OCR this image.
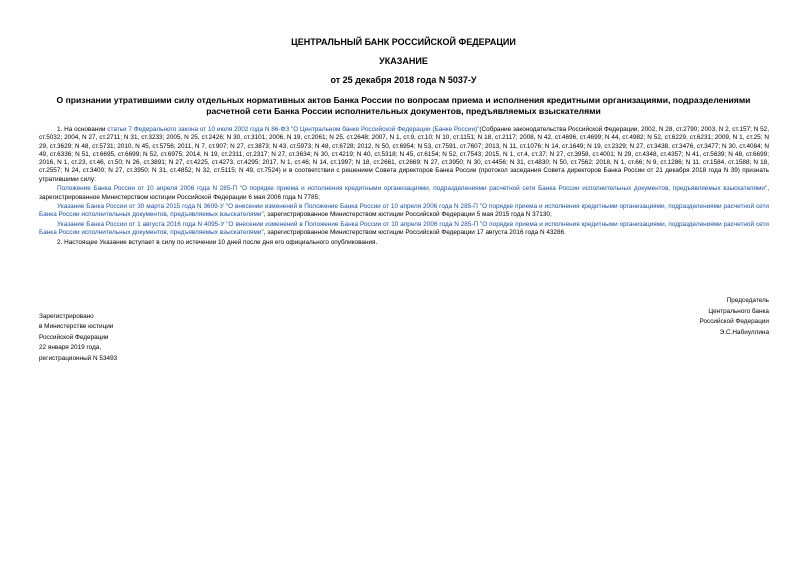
ЦЕНТРАЛЬНЫЙ БАНК РОССИЙСКОЙ ФЕДЕРАЦИИ

УКАЗАНИЕ

от 25 декабря 2018 года N 5037-У

О признании утратившими силу отдельных нормативных актов Банка России по вопросам приема и исполнения кредитными организациями, подразделениями расчетной сети Банка России исполнительных документов, предъявляемых взыскателями

1. На основании статьи 7 Федерального закона от 10 июля 2002 года N 86-ФЗ "О Центральном банке Российской Федерации (Банке России)"(Собрание законодательства Российской Федерации, 2002, N 28, ст.2790; 2003, N 2, ст.157; N 52, ст.5032; 2004, N 27, ст.2711; N 31, ст.3233; 2005, N 25, ст.2426; N 30, ст.3101; 2006, N 19, ст.2061; N 25, ст.2648; 2007, N 1, ст.9, ст.10; N 10, ст.1151; N 18, ст.2117; 2008, N 42, ст.4696, ст.4699; N 44, ст.4982; N 52, ст.6229, ст.6231; 2009, N 1, ст.25; N 29, ст.3629; N 48, ст.5731; 2010, N 45, ст.5756; 2011, N 7, ст.907; N 27, ст.3873; N 43, ст.5973; N 48, ст.6728; 2012, N 50, ст.6954; N 53, ст.7591, ст.7607; 2013, N 11, ст.1076; N 14, ст.1649; N 19, ст.2329; N 27, ст.3438, ст.3476, ст.3477; N 30, ст.4084; N 49, ст.6336; N 51, ст.6695, ст.6699; N 52, ст.6975; 2014, N 19, ст.2311, ст.2317; N 27, ст.3634; N 30, ст.4219; N 40, ст.5318; N 45, ст.6154; N 52, ст.7543; 2015, N 1, ст.4, ст.37; N 27, ст.3958, ст.4001; N 29, ст.4348, ст.4357; N 41, ст.5639; N 48, ст.6699; 2016, N 1, ст.23, ст.46, ст.50; N 26, ст.3891; N 27, ст.4225, ст.4273, ст.4295; 2017, N 1, ст.46; N 14, ст.1997; N 18, ст.2661, ст.2669; N 27, ст.3950; N 30, ст.4456; N 31, ст.4830; N 50, ст.7562; 2018, N 1, ст.66; N 9, ст.1286; N 11, ст.1584, ст.1588; N 18, ст.2557; N 24, ст.3400; N 27, ст.3950; N 31, ст.4852; N 32, ст.5115; N 49, ст.7524) и в соответствии с решением Совета директоров Банка России (протокол заседания Совета директоров Банка России от 21 декабря 2018 года N 39) признать утратившими силу:

Положение Банка России от 10 апреля 2006 года N 285-П "О порядке приема и исполнения кредитными организациями, подразделениями расчетной сети Банка России исполнительных документов, предъявляемых взыскателями", зарегистрированное Министерством юстиции Российской Федерации 6 мая 2006 года N 7785;

Указание Банка России от 30 марта 2015 года N 3609-У "О внесении изменений в Положение Банка России от 10 апреля 2006 года N 285-П "О порядке приема и исполнения кредитными организациями, подразделениями расчетной сети Банка России исполнительных документов, предъявляемых взыскателями", зарегистрированное Министерством юстиции Российской Федерации 5 мая 2015 года N 37130;

Указание Банка России от 1 августа 2016 года N 4095-У "О внесении изменений в Положение Банка России от 10 апреля 2006 года N 285-П "О порядке приема и исполнения кредитными организациями, подразделениями расчетной сети Банка России исполнительных документов, предъявляемых взыскателями", зарегистрированное Министерством юстиции Российской Федерации 17 августа 2016 года N 43286.

2. Настоящее Указание вступает в силу по истечении 10 дней после дня его официального опубликования.

Председатель
Центрального банка
Российской Федерации
Э.С.Набиуллина
Зарегистрировано
в Министерстве юстиции
Российской Федерации
22 января 2019 года,
регистрационный N 53493
